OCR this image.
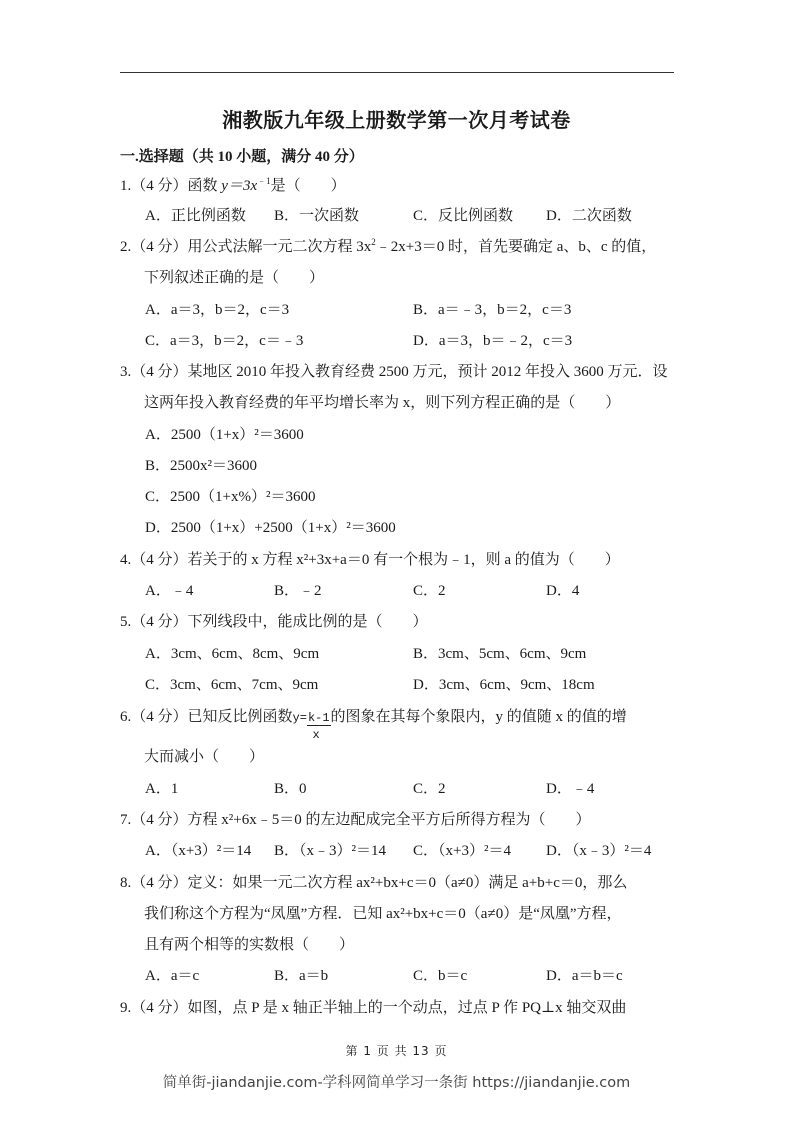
湘教版九年级上册数学第一次月考试卷
一.选择题（共 10 小题，满分 40 分）
1.（4 分）函数 $y=3x^{﹣1}$是（　　）
A．正比例函数 B．一次函数	C．反比例函数 D．二次函数
2.（4 分）用公式法解一元二次方程 $3x^2﹣2x+3=0$ 时，首先要确定 a、b、c 的值，
下列叙述正确的是（　　）
A．a＝3，b＝2，c＝3	B．a＝﹣3，b＝2，c＝3
C．a＝3，b＝2，c＝﹣3	D．a＝3，b＝﹣2，c＝3
3.（4 分）某地区 2010 年投入教育经费 2500 万元，预计 2012 年投入 3600 万元．设
这两年投入教育经费的年平均增长率为 x，则下列方程正确的是（　　）
A．2500（1+x）²＝3600
B．2500x²＝3600
C．2500（1+x%）²＝3600
D．2500（1+x）+2500（1+x）²＝3600
4.（4 分）若关于的 x 方程 x²+3x+a＝0 有一个根为﹣1，则 a 的值为（　　）
A．﹣4	B．﹣2	C．2	D．4
5.（4 分）下列线段中，能成比例的是（　　）
A．3cm、6cm、8cm、9cm	B．3cm、5cm、6cm、9cm
C．3cm、6cm、7cm、9cm	D．3cm、6cm、9cm、18cm
6.（4 分）已知反比例函数y=k-1
x
的图象在其每个象限内，y 的值随 x 的值的增
大而减小（　　）
A．1	B．0	C．2	D．﹣4
7.（4 分）方程 x²+6x﹣5＝0 的左边配成完全平方后所得方程为（　　）
A．（x+3）²＝14 B．（x﹣3）²＝14 C．（x+3）²＝4 D．（x﹣3）²＝4
8.（4 分）定义：如果一元二次方程 ax²+bx+c＝0（a≠0）满足 a+b+c＝0，那么
我们称这个方程为“凤凰”方程．已知 ax²+bx+c＝0（a≠0）是“凤凰”方程，
且有两个相等的实数根（　　）
A．a＝c	B．a＝b	C．b＝c	D．a＝b＝c
9.（4 分）如图，点 P 是 x 轴正半轴上的一个动点，过点 P 作 PQ⊥x 轴交双曲
第 1 页 共 13 页
简单街-jiandanjie.com-学科网简单学习一条街 https://jiandanjie.com
